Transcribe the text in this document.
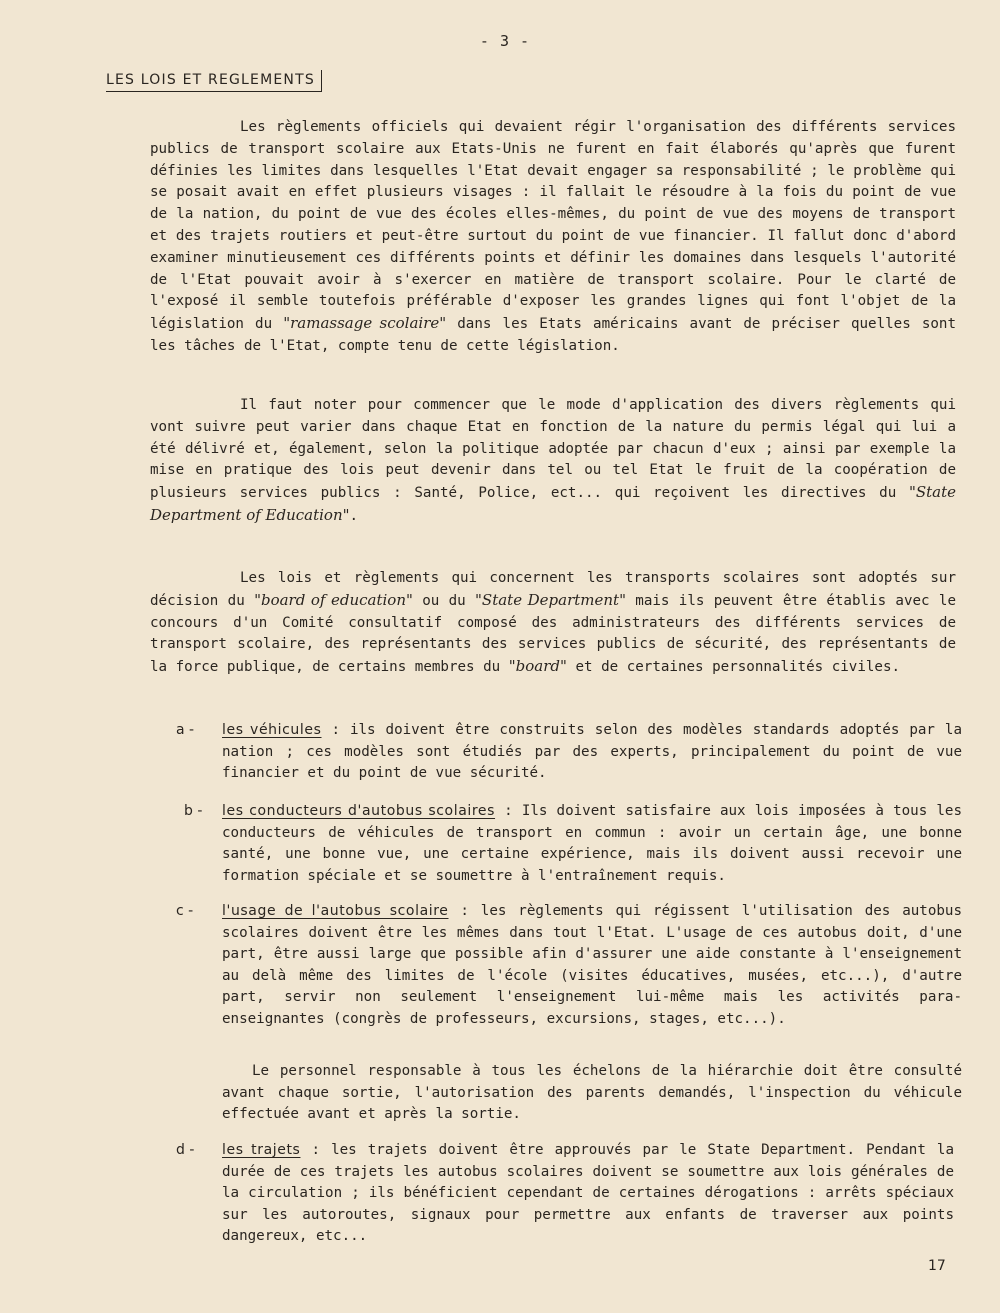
- 3 -
LES LOIS ET REGLEMENTS

Les règlements officiels qui devaient régir l'organisation des différents services publics de transport scolaire aux Etats-Unis ne furent en fait élaborés qu'après que furent définies les limites dans lesquelles l'Etat devait engager sa responsabilité ; le problème qui se posait avait en effet plusieurs visages : il fallait le résoudre à la fois du point de vue de la nation, du point de vue des écoles elles-mêmes, du point de vue des moyens de transport et des trajets routiers et peut-être surtout du point de vue financier. Il fallut donc d'abord examiner minutieusement ces différents points et définir les domaines dans lesquels l'autorité de l'Etat pouvait avoir à s'exercer en matière de transport scolaire. Pour le clarté de l'exposé il semble toutefois préférable d'exposer les grandes lignes qui font l'objet de la législation du "ramassage scolaire" dans les Etats américains avant de préciser quelles sont les tâches de l'Etat, compte tenu de cette législation.

Il faut noter pour commencer que le mode d'application des divers règlements qui vont suivre peut varier dans chaque Etat en fonction de la nature du permis légal qui lui a été délivré et, également, selon la politique adoptée par chacun d'eux ; ainsi par exemple la mise en pratique des lois peut devenir dans tel ou tel Etat le fruit de la coopération de plusieurs services publics : Santé, Police, ect... qui reçoivent les directives du "State Department of Education".

Les lois et règlements qui concernent les transports scolaires sont adoptés sur décision du "board of education" ou du "State Department" mais ils peuvent être établis avec le concours d'un Comité consultatif composé des administrateurs des différents services de transport scolaire, des représentants des services publics de sécurité, des représentants de la force publique, de certains membres du "board" et de certaines personnalités civiles.

a - les véhicules : ils doivent être construits selon des modèles standards adoptés par la nation ; ces modèles sont étudiés par des experts, principalement du point de vue financier et du point de vue sécurité.

b - les conducteurs d'autobus scolaires : Ils doivent satisfaire aux lois imposées à tous les conducteurs de véhicules de transport en commun : avoir un certain âge, une bonne santé, une bonne vue, une certaine expérience, mais ils doivent aussi recevoir une formation spéciale et se soumettre à l'entraînement requis.

c - l'usage de l'autobus scolaire : les règlements qui régissent l'utilisation des autobus scolaires doivent être les mêmes dans tout l'Etat. L'usage de ces autobus doit, d'une part, être aussi large que possible afin d'assurer une aide constante à l'enseignement au delà même des limites de l'école (visites éducatives, musées, etc...), d'autre part, servir non seulement l'enseignement lui-même mais les activités para-enseignantes (congrès de professeurs, excursions, stages, etc...).

Le personnel responsable à tous les échelons de la hiérarchie doit être consulté avant chaque sortie, l'autorisation des parents demandés, l'inspection du véhicule effectuée avant et après la sortie.

d - les trajets : les trajets doivent être approuvés par le State Department. Pendant la durée de ces trajets les autobus scolaires doivent se soumettre aux lois générales de la circulation ; ils bénéficient cependant de certaines dérogations : arrêts spéciaux sur les autoroutes, signaux pour permettre aux enfants de traverser aux points dangereux, etc...

17
